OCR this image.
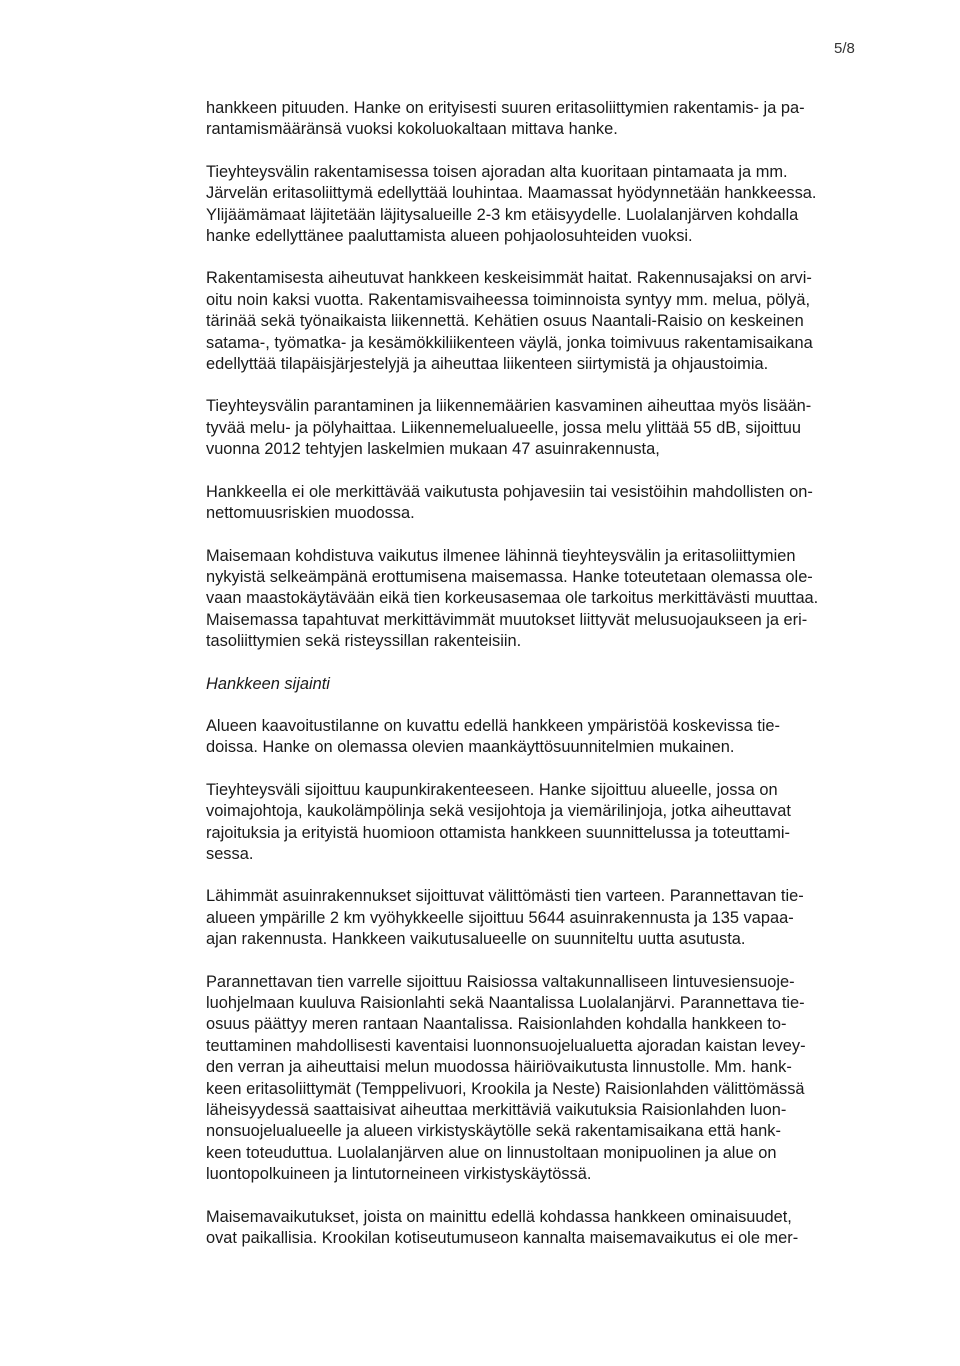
5/8

hankkeen pituuden. Hanke on erityisesti suuren eritasoliittymien rakentamis- ja pa-
rantamismääränsä vuoksi kokoluokaltaan mittava hanke.

Tieyhteysvälin rakentamisessa toisen ajoradan alta kuoritaan pintamaata ja mm.
Järvelän eritasoliittymä edellyttää louhintaa. Maamassat hyödynnetään hankkeessa.
Ylijäämämaat läjitetään läjitysalueille 2-3 km etäisyydelle. Luolalanjärven kohdalla
hanke edellyttänee paaluttamista alueen pohjaolosuhteiden vuoksi.

Rakentamisesta aiheutuvat hankkeen keskeisimmät haitat. Rakennusajaksi on arvi-
oitu noin kaksi vuotta. Rakentamisvaiheessa toiminnoista syntyy mm. melua, pölyä,
tärinää sekä työnaikaista liikennettä. Kehätien osuus Naantali-Raisio on keskeinen
satama-, työmatka- ja kesämökkiliikenteen väylä, jonka toimivuus rakentamisaikana
edellyttää tilapäisjärjestelyjä ja aiheuttaa liikenteen siirtymistä ja ohjaustoimia.

Tieyhteysvälin parantaminen ja liikennemäärien kasvaminen aiheuttaa myös lisään-
tyvää melu- ja pölyhaittaa. Liikennemelualueelle, jossa melu ylittää 55 dB, sijoittuu
vuonna 2012 tehtyjen laskelmien mukaan 47 asuinrakennusta,

Hankkeella ei ole merkittävää vaikutusta pohjavesiin tai vesistöihin mahdollisten on-
nettomuusriskien muodossa.

Maisemaan kohdistuva vaikutus ilmenee lähinnä tieyhteysvälin ja eritasoliittymien
nykyistä selkeämpänä erottumisena maisemassa. Hanke toteutetaan olemassa ole-
vaan maastokäytävään eikä tien korkeusasemaa ole tarkoitus merkittävästi muuttaa.
Maisemassa tapahtuvat merkittävimmät muutokset liittyvät melusuojaukseen ja eri-
tasoliittymien sekä risteyssillan rakenteisiin.

Hankkeen sijainti

Alueen kaavoitustilanne on kuvattu edellä hankkeen ympäristöä koskevissa tie-
doissa. Hanke on olemassa olevien maankäyttösuunnitelmien mukainen.

Tieyhteysväli sijoittuu kaupunkirakenteeseen. Hanke sijoittuu alueelle, jossa on
voimajohtoja, kaukolämpölinja sekä vesijohtoja ja viemärilinjoja, jotka aiheuttavat
rajoituksia ja erityistä huomioon ottamista hankkeen suunnittelussa ja toteuttami-
sessa.

Lähimmät asuinrakennukset sijoittuvat välittömästi tien varteen. Parannettavan tie-
alueen ympärille 2 km vyöhykkeelle sijoittuu 5644 asuinrakennusta ja 135 vapaa-
ajan rakennusta. Hankkeen vaikutusalueelle on suunniteltu uutta asutusta.

Parannettavan tien varrelle sijoittuu Raisiossa valtakunnalliseen lintuvesiensuoje-
luohjelmaan kuuluva Raisionlahti sekä Naantalissa Luolalanjärvi. Parannettava tie-
osuus päättyy meren rantaan Naantalissa. Raisionlahden kohdalla hankkeen to-
teuttaminen mahdollisesti kaventaisi luonnonsuojelualuetta ajoradan kaistan levey-
den verran ja aiheuttaisi melun muodossa häiriövaikutusta linnustolle. Mm. hank-
keen eritasoliittymät (Temppelivuori, Krookila ja Neste) Raisionlahden välittömässä
läheisyydessä saattaisivat aiheuttaa merkittäviä vaikutuksia Raisionlahden luon-
nonsuojelualueelle ja alueen virkistyskäytölle sekä rakentamisaikana että hank-
keen toteuduttua. Luolalanjärven alue on linnustoltaan monipuolinen ja alue on
luontopolkuineen ja lintutorneineen virkistyskäytössä.

Maisemavaikutukset, joista on mainittu edellä kohdassa hankkeen ominaisuudet,
ovat paikallisia. Krookilan kotiseutumuseon kannalta maisemavaikutus ei ole mer-
